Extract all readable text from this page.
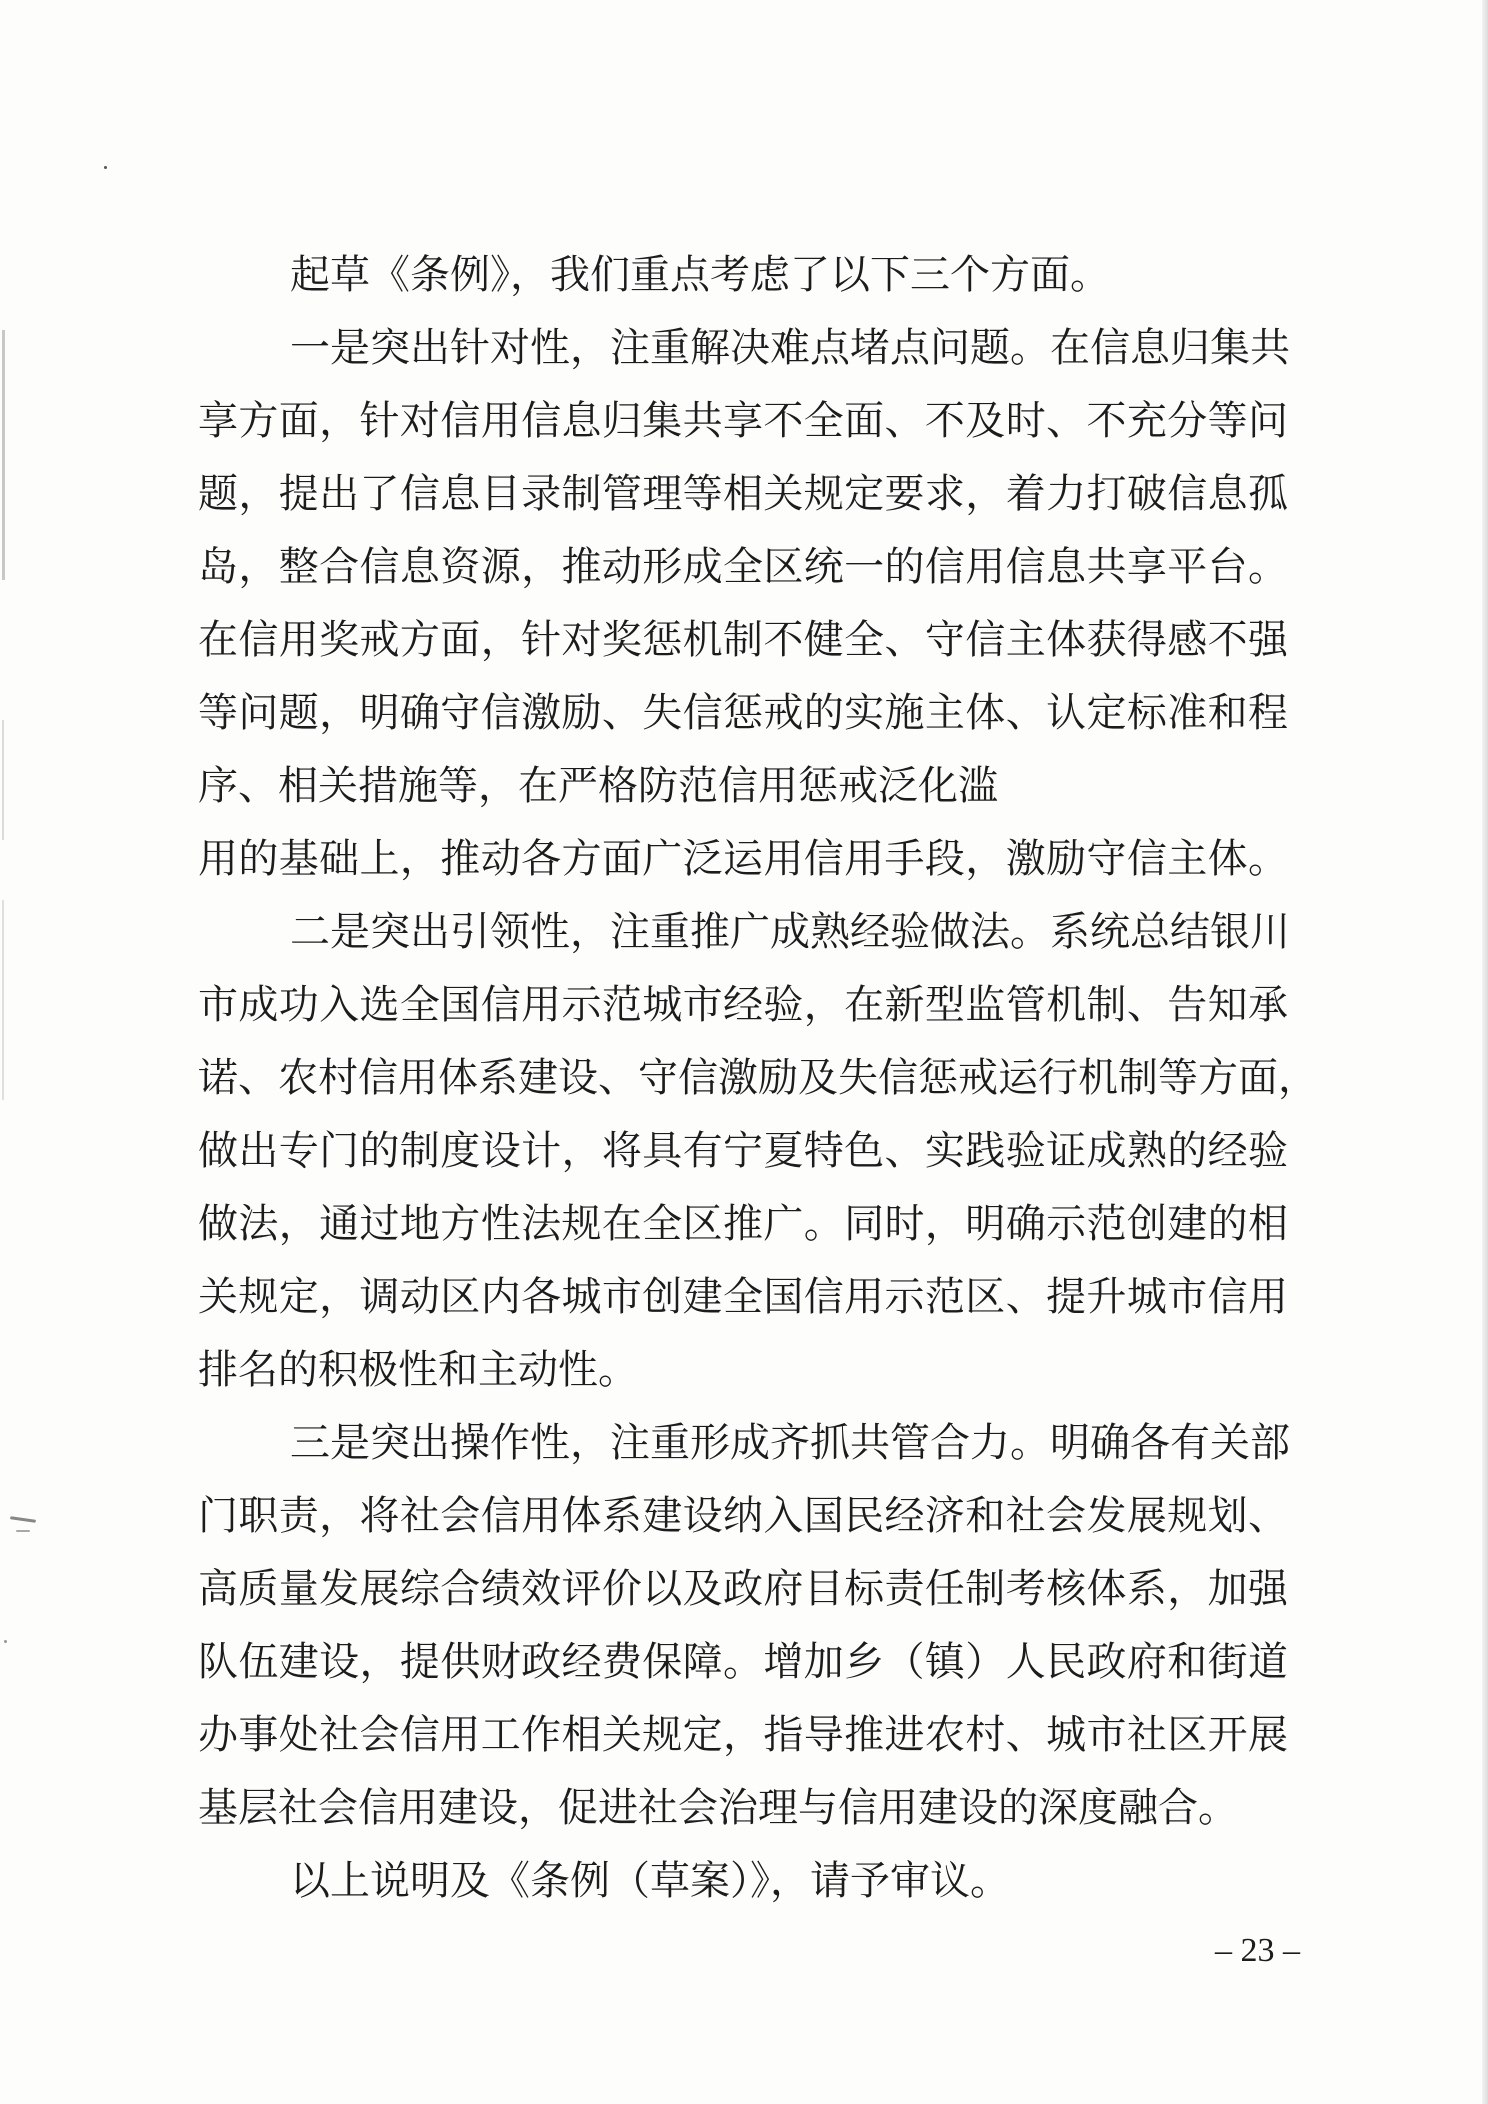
起草《条例》，我们重点考虑了以下三个方面。
一是突出针对性，注重解决难点堵点问题。在信息归集共
享方面，针对信用信息归集共享不全面、不及时、不充分等问
题，提出了信息目录制管理等相关规定要求，着力打破信息孤
岛，整合信息资源，推动形成全区统一的信用信息共享平台。
在信用奖戒方面，针对奖惩机制不健全、守信主体获得感不强
等问题，明确守信激励、失信惩戒的实施主体、认定标准和程
序、相关措施等，在严格防范信用惩戒泛化滥
用的基础上，推动各方面广泛运用信用手段，激励守信主体。
二是突出引领性，注重推广成熟经验做法。系统总结银川
市成功入选全国信用示范城市经验，在新型监管机制、告知承
诺、农村信用体系建设、守信激励及失信惩戒运行机制等方面，
做出专门的制度设计，将具有宁夏特色、实践验证成熟的经验
做法，通过地方性法规在全区推广。同时，明确示范创建的相
关规定，调动区内各城市创建全国信用示范区、提升城市信用
排名的积极性和主动性。
三是突出操作性，注重形成齐抓共管合力。明确各有关部
门职责，将社会信用体系建设纳入国民经济和社会发展规划、
高质量发展综合绩效评价以及政府目标责任制考核体系，加强
队伍建设，提供财政经费保障。增加乡（镇）人民政府和街道
办事处社会信用工作相关规定，指导推进农村、城市社区开展
基层社会信用建设，促进社会治理与信用建设的深度融合。
以上说明及《条例（草案）》，请予审议。
– 23 –
